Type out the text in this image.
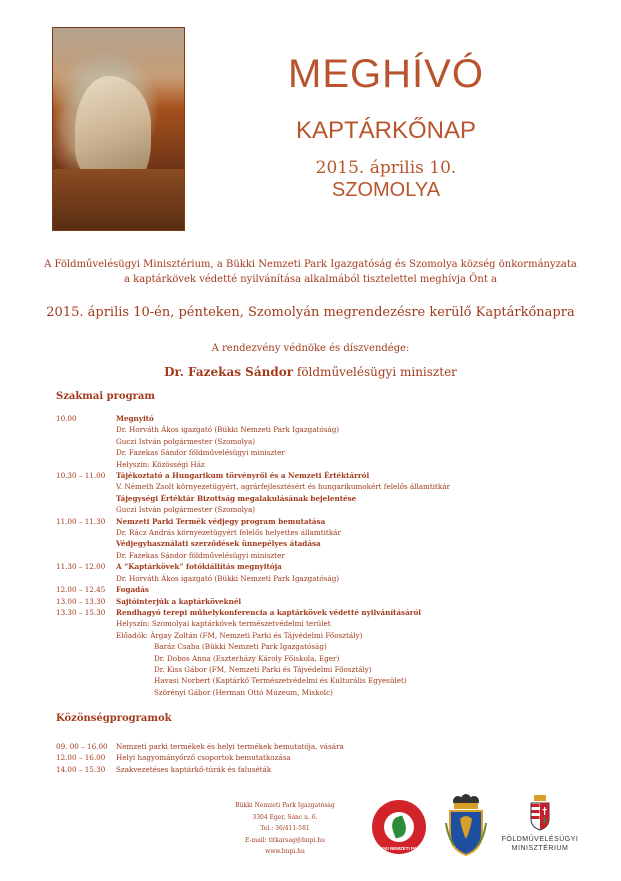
MEGHÍVÓ
KAPTÁRKŐNAP
2015. április 10.
SZOMOLYA
A Földművelésügyi Minisztérium, a Bükki Nemzeti Park Igazgatóság és Szomolya község önkormányzata
a kaptárkövek védetté nyilvánítása alkalmából tisztelettel meghívja Önt a
2015. április 10-én, pénteken, Szomolyán megrendezésre kerülő Kaptárkőnapra
A rendezvény védnöke és díszvendége:
Dr. Fazekas Sándor földművelésügyi miniszter
Szakmai program
10.00	Megnyitó
Dr. Horváth Ákos igazgató (Bükki Nemzeti Park Igazgatóság)
Guczi István polgármester (Szomolya)
Dr. Fazekas Sándor földművelésügyi miniszter
Helyszín: Közösségi Ház
10.30 – 11.00	Tájékoztató a Hungarikum törvényről és a Nemzeti Értéktárról
V. Németh Zsolt környezetügyért, agrárfejlesztésért és hungarikumokért felelős államtitkár
Tájegységi Értéktár Bizottság megalakulásának bejelentése
Guczi István polgármester (Szomolya)
11.00 – 11.30	Nemzeti Parki Termék védjegy program bemutatása
Dr. Rácz András környezetügyért felelős helyettes államtitkár
Védjegyhasználati szerződések ünnepélyes átadása
Dr. Fazekas Sándor földművelésügyi miniszter
11.30 – 12.00	A “Kaptárkövek” fotókiállítás megnyitója
Dr. Horváth Ákos igazgató (Bükki Nemzeti Park Igazgatóság)
12.00 – 12.45	Fogadás
13.00 – 13.30	Sajtóinterjúk a kaptárköveknél
13.30 – 15.30	Rendhagyó terepi műhelykonferencia a kaptárkövek védetté nyilvánításáról
Helyszín: Szomolyai kaptárkövek természetvédelmi terület
Előadók: Árgay Zoltán (FM, Nemzeti Parki és Tájvédelmi Főosztály)
Baráz Csaba (Bükki Nemzeti Park Igazgatóság)
Dr. Dobos Anna (Eszterházy Károly Főiskola, Eger)
Dr. Kiss Gábor (FM, Nemzeti Parki és Tájvédelmi Főosztály)
Havasi Norbert (Kaptárkő Természetvédelmi és Kulturális Egyesület)
Szörényi Gábor (Herman Ottó Múzeum, Miskolc)
Közönségprogramok
09. 00 – 16.00	Nemzeti parki termékek és helyi termékek bemutatója, vására
12.00 – 16.00	Helyi hagyományőrző csoportok bemutatkozása
14.00 – 15.30	Szakvezetéses kaptárkő-túrák és faluséták
Bükki Nemzeti Park Igazgatóság
3304 Eger, Sánc u. 6.
Tel.: 36/411-581
E-mail: titkarsag@bnpi.hu
www.bnpi.hu	BÜKKI NEMZETI PARK
FÖLDMŰVELÉSÜGYI
MINISZTÉRIUM
